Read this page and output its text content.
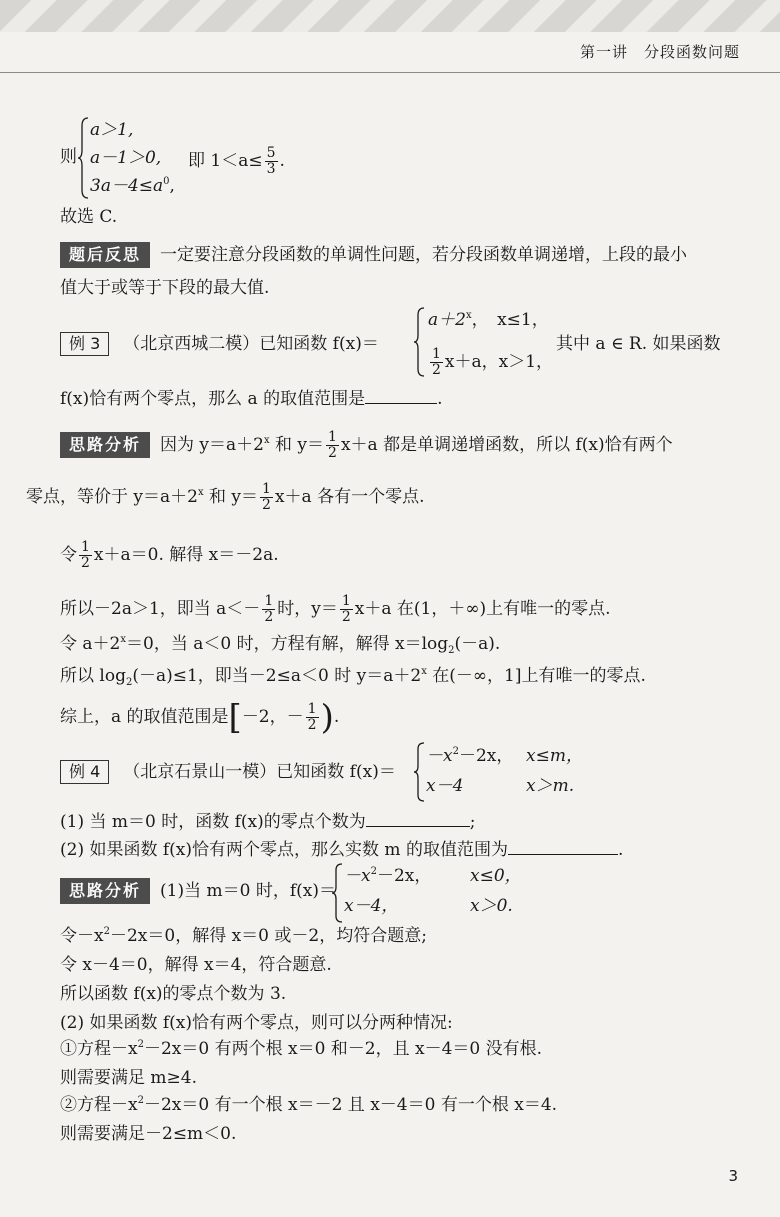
第一讲　分段函数问题
则
a＞1,
a－1＞0,
$3a-4\le a^0$,
即 $1<a\le \frac{5}{3}$ .
故选 C.
题后反思 一定要注意分段函数的单调性问题，若分段函数单调递增，上段的最小
值大于或等于下段的最大值.
例 3 （北京西城二模）已知函数 f(x)＝
$a+2^x$，　x≤1，
$\frac{1}{2} x+a$，x＞1，
其中 a ∈ R. 如果函数
f(x)恰有两个零点，那么 a 的取值范围是	.
思路分析 因为 $y=a+2^x$ 和 $y= \frac{1}{2} x+a$ 都是单调递增函数，所以 f(x)恰有两个
零点，等价于 $y=a+2^x$ 和 $y= \frac{1}{2} x+a$ 各有一个零点.
令 $\frac{1}{2} x+a=0$. 解得 x＝－2a.
所以－2a＞1，即当 $a<- \frac{1}{2}$ 时，$y= \frac{1}{2} x+a$ 在(1，＋∞)上有唯一的零点.
令 $a+2^x=0$，当 a＜0 时，方程有解，解得 $x=\log_2(-a)$.
所以 $\log_2(-a)\le 1$，即当－2≤a＜0 时 $y=a+2^x$ 在(－∞，1]上有唯一的零点.
综上，a 的取值范围是[－2，－ $\frac{1}{2}$ ).
例 4 （北京石景山一模）已知函数 f(x)＝
$-x^2-2x$， x≤m，
x－4	x＞m.
(1) 当 m＝0 时，函数 f(x)的零点个数为	;
(2) 如果函数 f(x)恰有两个零点，那么实数 m 的取值范围为	.
思路分析 (1)当 m＝0 时，f(x)＝
$-x^2-2x$， x≤0，
x－4，	x＞0.
令$-x^2-2x=0$，解得 x＝0 或－2，均符合题意;
令 x－4＝0，解得 x＝4，符合题意.
所以函数 f(x)的零点个数为 3.
(2) 如果函数 f(x)恰有两个零点，则可以分两种情况:
①方程$-x^2-2x=0$ 有两个根 x＝0 和－2，且 x－4＝0 没有根.
则需要满足 m≥4.
②方程$-x^2-2x=0$ 有一个根 x＝－2 且 x－4＝0 有一个根 x＝4.
则需要满足－2≤m＜0.
3
